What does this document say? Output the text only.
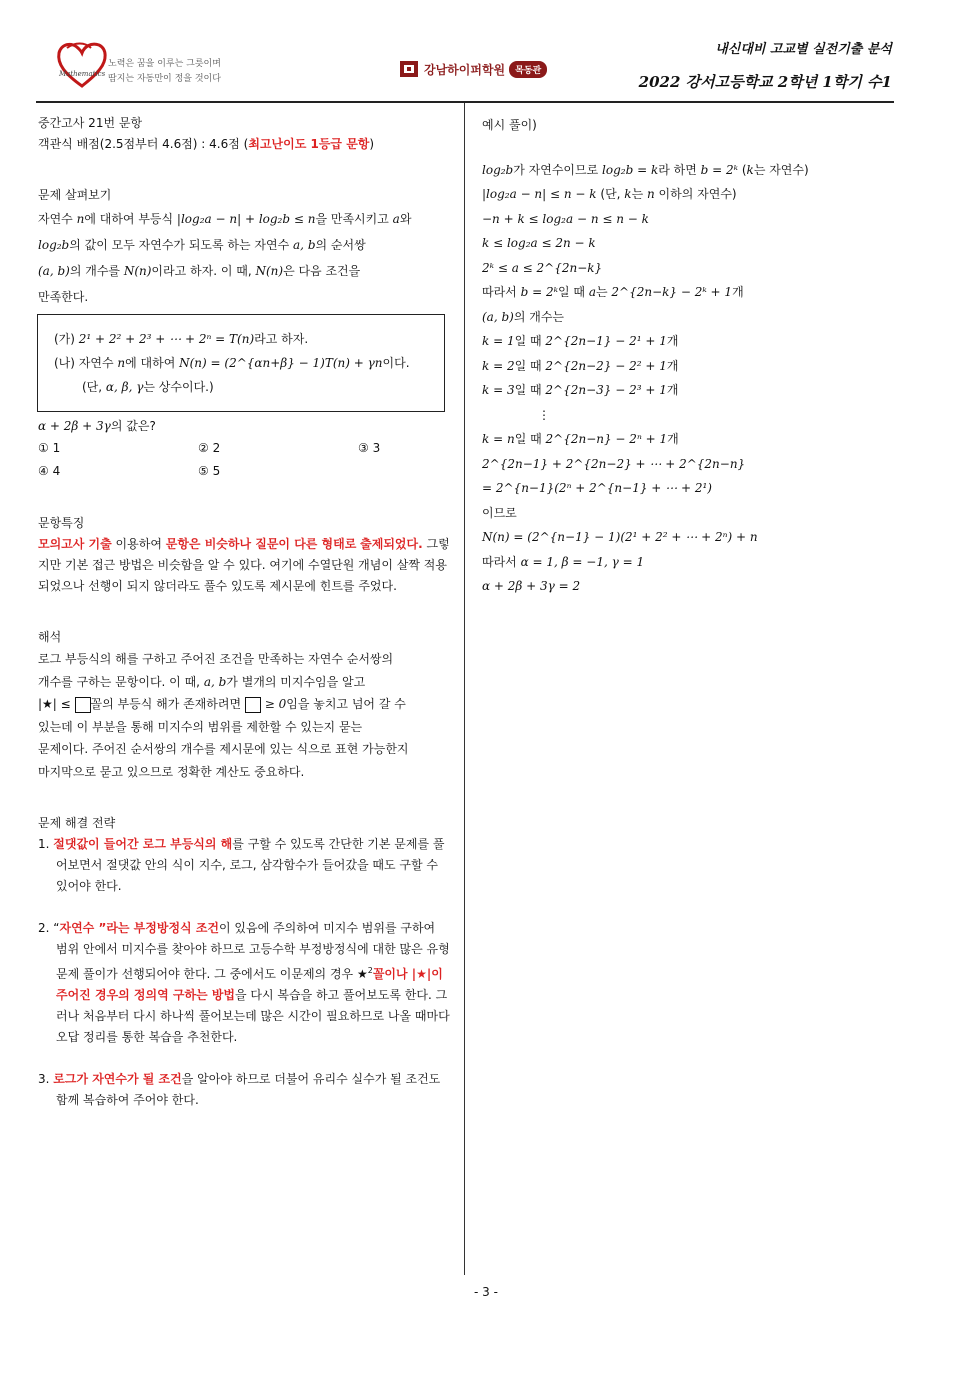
Mathematics
노력은 꿈을 이루는 그릇이며
땀지는 자동만이 정을 것이다
강남하이퍼학원	목동관
내신대비 고교별 실전기출 분석
2022 강서고등학교 2학년 1학기 수1

중간고사 21번 문항

객관식 배점(2.5점부터 4.6점) : 4.6점 (최고난이도 1등급 문항)

문제 살펴보기

자연수 n에 대하여 부등식 |log₂a − n| + log₂b ≤ n을 만족시키고 a와
log₂b의 값이 모두 자연수가 되도록 하는 자연수 a, b의 순서쌍
(a, b)의 개수를 N(n)이라고 하자. 이 때, N(n)은 다음 조건을
만족한다.

(가) 2¹ + 2² + 2³ + ⋯ + 2ⁿ = T(n)라고 하자.
(나) 자연수 n에 대하여 N(n) = (2^{αn+β} − 1)T(n) + γn이다.
(단, α, β, γ는 상수이다.)

α + 2β + 3γ의 값은?

① 1	② 2	③ 3
④ 4	⑤ 5

문항특징

모의고사 기출 이용하여 문항은 비슷하나 질문이 다른 형태로 출제되었다. 그렇지만 기본 접근 방법은 비슷함을 알 수 있다. 여기에 수열단원 개념이 살짝 적용되었으나 선행이 되지 않더라도 풀수 있도록 제시문에 힌트를 주었다.

해석

로그 부등식의 해를 구하고 주어진 조건을 만족하는 자연수 순서쌍의
개수를 구하는 문항이다. 이 때, a, b가 별개의 미지수임을 알고
|★| ≤ 꼴의 부등식 해가 존재하려면  ≥ 0임을 놓치고 넘어 갈 수
있는데 이 부분을 통해 미지수의 범위를 제한할 수 있는지 묻는
문제이다. 주어진 순서쌍의 개수를 제시문에 있는 식으로 표현 가능한지
마지막으로 묻고 있으므로 정확한 계산도 중요하다.

문제 해결 전략

1. 절댓값이 들어간 로그 부등식의 해를 구할 수 있도록 간단한 기본 문제를 풀어보면서 절댓값 안의 식이 지수, 로그, 삼각함수가 들어갔을 때도 구할 수 있어야 한다.

2. “자연수 ”라는 부정방정식 조건이 있음에 주의하여 미지수 범위를 구하여 범위 안에서 미지수를 찾아야 하므로 고등수학 부정방정식에 대한 많은 유형 문제 풀이가 선행되어야 한다. 그 중에서도 이문제의 경우 ★$^2$꼴이나 |★|이 주어진 경우의 정의역 구하는 방법을 다시 복습을 하고 풀어보도록 한다. 그러나 처음부터 다시 하나씩 풀어보는데 많은 시간이 필요하므로 나올 때마다 오답 정리를 통한 복습을 추천한다.

3. 로그가 자연수가 될 조건을 알아야 하므로 더불어 유리수 실수가 될 조건도 함께 복습하여 주어야 한다.

예시 풀이)

log₂b가 자연수이므로 log₂b = k라 하면 b = 2ᵏ (k는 자연수)

|log₂a − n| ≤ n − k (단, k는 n 이하의 자연수)

−n + k ≤ log₂a − n ≤ n − k

k ≤ log₂a ≤ 2n − k

2ᵏ ≤ a ≤ 2^{2n−k}

따라서 b = 2ᵏ일 때 a는 2^{2n−k} − 2ᵏ + 1개

(a, b)의 개수는

k = 1일 때 2^{2n−1} − 2¹ + 1개

k = 2일 때 2^{2n−2} − 2² + 1개

k = 3일 때 2^{2n−3} − 2³ + 1개

⋮

k = n일 때 2^{2n−n} − 2ⁿ + 1개

2^{2n−1} + 2^{2n−2} + ⋯ + 2^{2n−n}

= 2^{n−1}(2ⁿ + 2^{n−1} + ⋯ + 2¹)

이므로

N(n) = (2^{n−1} − 1)(2¹ + 2² + ⋯ + 2ⁿ) + n

따라서 α = 1, β = −1, γ = 1

α + 2β + 3γ = 2

- 3 -
